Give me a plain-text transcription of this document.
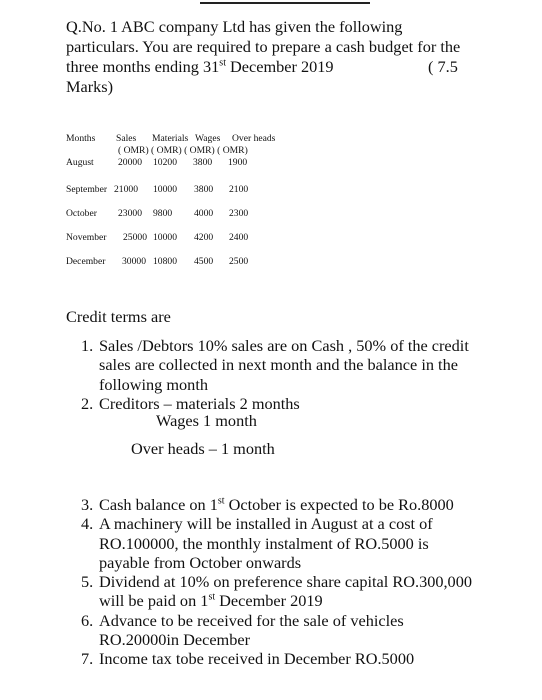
Q.No. 1 ABC company Ltd has given the following
particulars. You are required to prepare a cash budget for the
three months ending 31st December 2019	( 7.5
Marks)
Months Sales Materials Wages Over heads
( OMR) ( OMR) ( OMR) ( OMR)
August	20000 10200 3800 1900
September 21000 10000 3800 2100
October 23000 9800 4000 2300
November 25000 10000 4200 2400
December 30000 10800 4500 2500
Credit terms are
1. Sales /Debtors 10% sales are on Cash , 50% of the credit sales are collected in next month and the balance in the following month
2. Creditors – materials 2 months
Wages 1 month
Over heads – 1 month
3. Cash balance on 1st October is expected to be Ro.8000
4. A machinery will be installed in August at a cost of RO.100000, the monthly instalment of RO.5000 is payable from October onwards
5. Dividend at 10% on preference share capital RO.300,000 will be paid on 1st December 2019
6. Advance to be received for the sale of vehicles RO.20000in December
7. Income tax tobe received in December RO.5000
